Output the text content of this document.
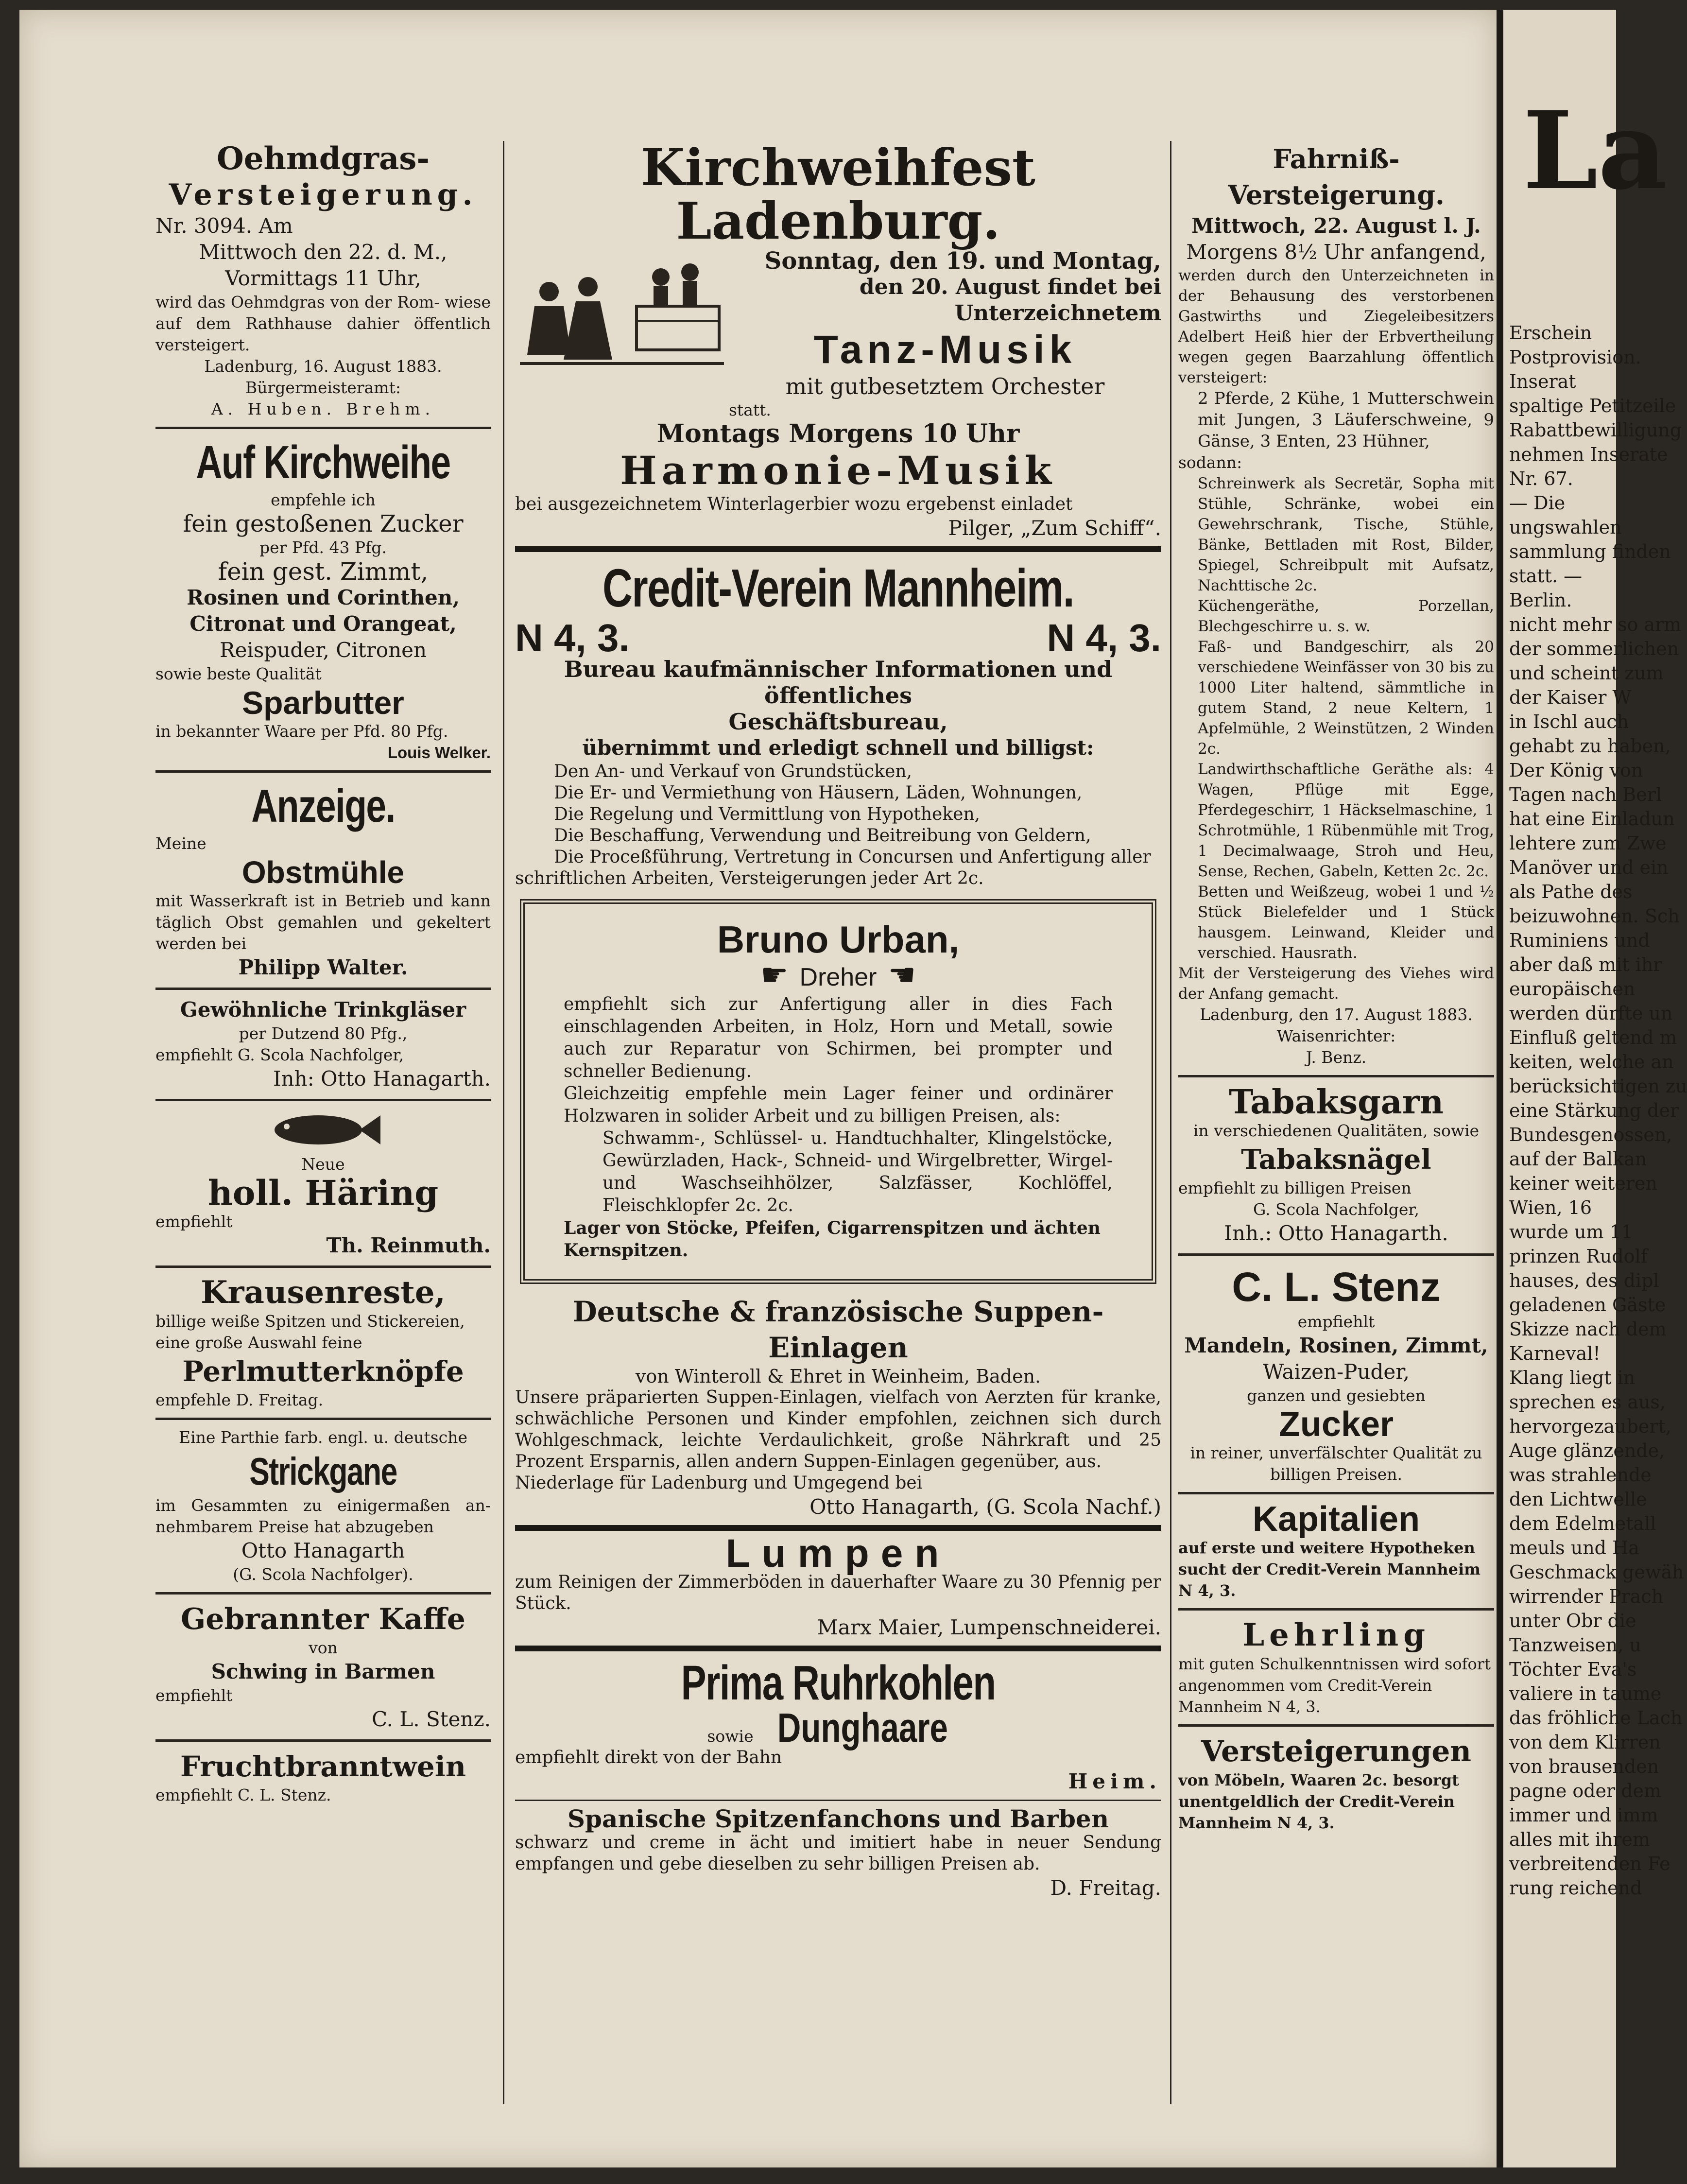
Oehmdgras-

Versteigerung.

Nr. 3094. Am

Mittwoch den 22. d. M.,

Vormittags 11 Uhr,

wird das Oehmdgras von der Rom- wiese auf dem Rathhause dahier öffentlich versteigert.

Ladenburg, 16. August 1883.

Bürgermeisteramt:

A. Huben. Brehm.

Auf Kirchweihe

empfehle ich

fein gestoßenen Zucker

per Pfd. 43 Pfg.

fein gest. Zimmt,

Rosinen und Corinthen,

Citronat und Orangeat,

Reispuder, Citronen

sowie beste Qualität

Sparbutter

in bekannter Waare per Pfd. 80 Pfg.

Louis Welker.

Anzeige.

Meine

Obstmühle

mit Wasserkraft ist in Betrieb und kann täglich Obst gemahlen und gekeltert werden bei

Philipp Walter.

Gewöhnliche Trinkgläser

per Dutzend 80 Pfg.,

empfiehlt G. Scola Nachfolger,

Inh: Otto Hanagarth.

Neue

holl. Häring

empfiehlt

Th. Reinmuth.

Krausenreste,

billige weiße Spitzen und Stickereien,

eine große Auswahl feine

Perlmutterknöpfe

empfehle D. Freitag.

Eine Parthie farb. engl. u. deutsche

Strickgane

im Gesammten zu einigermaßen an- nehmbarem Preise hat abzugeben

Otto Hanagarth

(G. Scola Nachfolger).

Gebrannter Kaffe

von

Schwing in Barmen

empfiehlt

C. L. Stenz.

Fruchtbranntwein

empfiehlt C. L. Stenz.

Kirchweihfest Ladenburg.

Sonntag, den 19. und Montag,

den 20. August findet bei Unterzeichnetem

Tanz-Musik

mit gutbesetztem Orchester

statt.

Montags Morgens 10 Uhr

Harmonie-Musik

bei ausgezeichnetem Winterlagerbier wozu ergebenst einladet

Pilger, „Zum Schiff“.

Credit-Verein Mannheim.

N 4, 3.	N 4, 3.

Bureau kaufmännischer Informationen und öffentliches

Geschäftsbureau,

übernimmt und erledigt schnell und billigst:

Den An- und Verkauf von Grundstücken,

Die Er- und Vermiethung von Häusern, Läden, Wohnungen,

Die Regelung und Vermittlung von Hypotheken,

Die Beschaffung, Verwendung und Beitreibung von Geldern,

Die Proceßführung, Vertretung in Concursen und Anfertigung aller

schriftlichen Arbeiten, Versteigerungen jeder Art 2c.

Bruno Urban,

☛ Dreher ☚

empfiehlt sich zur Anfertigung aller in dies Fach einschlagenden Arbeiten, in Holz, Horn und Metall, sowie auch zur Reparatur von Schirmen, bei prompter und schneller Bedienung.

Gleichzeitig empfehle mein Lager feiner und ordinärer Holzwaren in solider Arbeit und zu billigen Preisen, als:

Schwamm-, Schlüssel- u. Handtuchhalter, Klingelstöcke, Gewürzladen, Hack-, Schneid- und Wirgelbretter, Wirgel- und Waschseihhölzer, Salzfässer, Kochlöffel, Fleischklopfer 2c. 2c.

Lager von Stöcke, Pfeifen, Cigarrenspitzen und ächten Kernspitzen.

Deutsche & französische Suppen-Einlagen

von Winteroll & Ehret in Weinheim, Baden.

Unsere präparierten Suppen-Einlagen, vielfach von Aerzten für kranke, schwächliche Personen und Kinder empfohlen, zeichnen sich durch Wohlgeschmack, leichte Verdaulichkeit, große Nährkraft und 25 Prozent Ersparnis, allen andern Suppen-Einlagen gegenüber, aus.

Niederlage für Ladenburg und Umgegend bei

Otto Hanagarth, (G. Scola Nachf.)

Lumpen

zum Reinigen der Zimmerböden in dauerhafter Waare zu 30 Pfennig per Stück.

Marx Maier, Lumpenschneiderei.

Prima Ruhrkohlen

sowie Dunghaare

empfiehlt direkt von der Bahn

Heim.

Spanische Spitzenfanchons und Barben

schwarz und creme in ächt und imitiert habe in neuer Sendung empfangen und gebe dieselben zu sehr billigen Preisen ab.

D. Freitag.

Fahrniß-Versteigerung.

Mittwoch, 22. August l. J.

Morgens 8½ Uhr anfangend,

werden durch den Unterzeichneten in der Behausung des verstorbenen Gastwirths und Ziegeleibesitzers Adelbert Heiß hier der Erbvertheilung wegen gegen Baarzahlung öffentlich versteigert:

2 Pferde, 2 Kühe, 1 Mutterschwein mit Jungen, 3 Läuferschweine, 9 Gänse, 3 Enten, 23 Hühner,

sodann:

Schreinwerk als Secretär, Sopha mit Stühle, Schränke, wobei ein Gewehrschrank, Tische, Stühle, Bänke, Bettladen mit Rost, Bilder, Spiegel, Schreibpult mit Aufsatz, Nachttische 2c.

Küchengeräthe, Porzellan, Blechgeschirre u. s. w.

Faß- und Bandgeschirr, als 20 verschiedene Weinfässer von 30 bis zu 1000 Liter haltend, sämmtliche in gutem Stand, 2 neue Keltern, 1 Apfelmühle, 2 Weinstützen, 2 Winden 2c.

Landwirthschaftliche Geräthe als: 4 Wagen, Pflüge mit Egge, Pferdegeschirr, 1 Häckselmaschine, 1 Schrotmühle, 1 Rübenmühle mit Trog, 1 Decimalwaage, Stroh und Heu, Sense, Rechen, Gabeln, Ketten 2c. 2c.

Betten und Weißzeug, wobei 1 und ½ Stück Bielefelder und 1 Stück hausgem. Leinwand, Kleider und verschied. Hausrath.

Mit der Versteigerung des Viehes wird der Anfang gemacht.

Ladenburg, den 17. August 1883.

Waisenrichter:

J. Benz.

Tabaksgarn

in verschiedenen Qualitäten, sowie

Tabaksnägel

empfiehlt zu billigen Preisen

G. Scola Nachfolger,

Inh.: Otto Hanagarth.

C. L. Stenz

empfiehlt

Mandeln, Rosinen, Zimmt,

Waizen-Puder,

ganzen und gesiebten

Zucker

in reiner, unverfälschter Qualität zu billigen Preisen.

Kapitalien

auf erste und weitere Hypotheken sucht der Credit-Verein Mannheim N 4, 3.

Lehrling

mit guten Schulkenntnissen wird sofort angenommen vom Credit-Verein Mannheim N 4, 3.

Versteigerungen

von Möbeln, Waaren 2c. besorgt unentgeldlich der Credit-Verein Mannheim N 4, 3.

La

Erschein

Postprovision.

Inserat

spaltige Petitzeile

Rabattbewilligung

nehmen Inserate

Nr. 67.

— Die

ungswahlen

sammlung finden

statt. —

Berlin.

nicht mehr so arm

der sommerlichen

und scheint zum

der Kaiser W

in Ischl auch

gehabt zu haben,

Der König von

Tagen nach Berl

hat eine Einladun

lehtere zum Zwe

Manöver und ein

als Pathe des

beizuwohnen. Sch

Ruminiens und

aber daß mit ihr

europäischen

werden dürfte un

Einfluß geltend m

keiten, welche an

berücksichtigen zu

eine Stärkung der

Bundesgenossen,

auf der Balkan

keiner weiteren

Wien, 16

wurde um 11

prinzen Rudolf

hauses, des dipl

geladenen Gäste

Skizze nach dem

Karneval!

Klang liegt in

sprechen es aus,

hervorgezaubert,

Auge glänzende,

was strahlende

den Lichtwelle

dem Edelmetall

meuls und Ha

Geschmack gewäh

wirrender Prach

unter Obr die

Tanzweisen, u

Töchter Eva's

valiere in taume

das fröhliche Lach

von dem Klirren

von brausenden

pagne oder dem

immer und imm

alles mit ihrem

verbreitenden Fe

rung reichend
